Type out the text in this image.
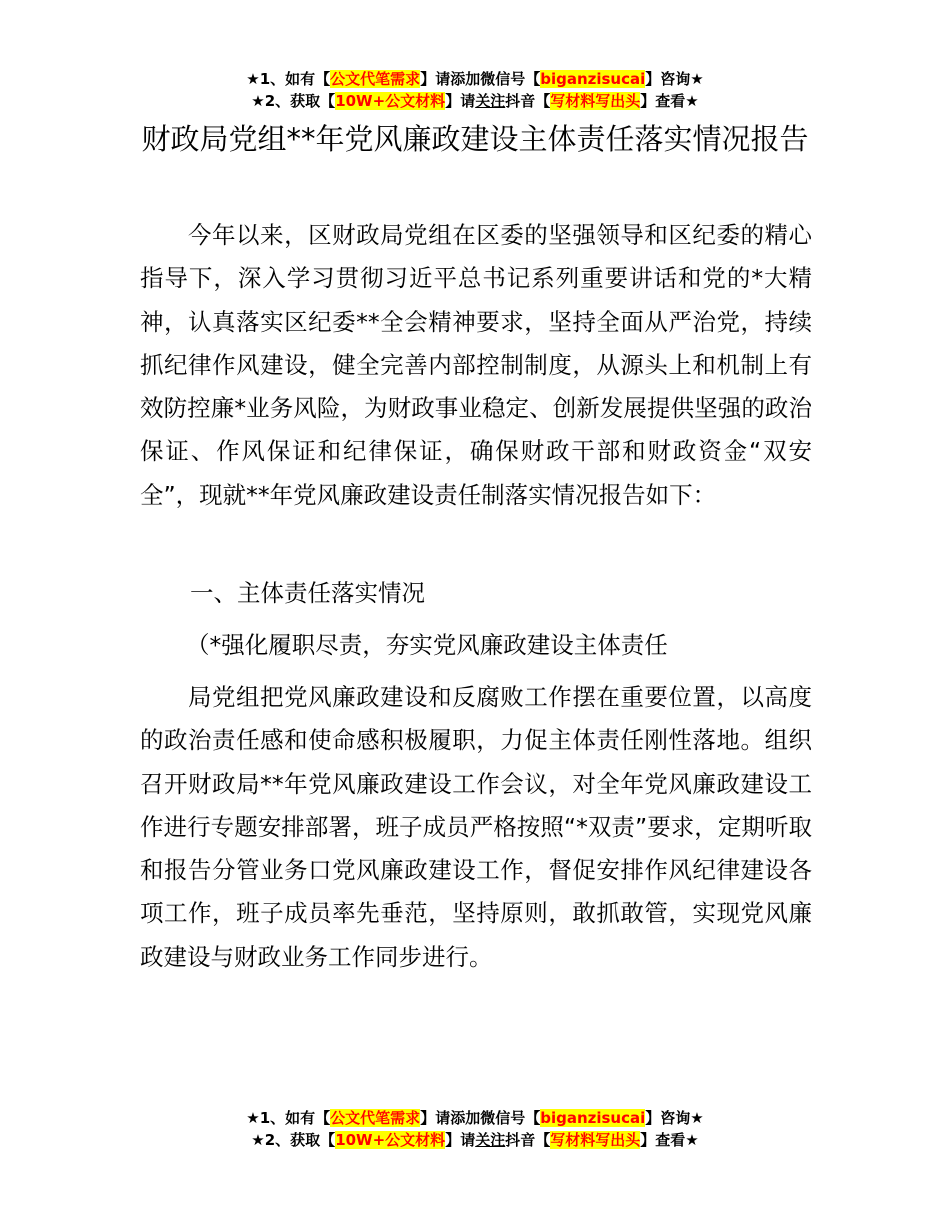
★1、如有【公文代笔需求】请添加微信号【biganzisucai】咨询★
★2、获取【10W+公文材料】请关注抖音【写材料写出头】查看★
财政局党组**年党风廉政建设主体责任落实情况报告

今年以来，区财政局党组在区委的坚强领导和区纪委的精心指导下，深入学习贯彻习近平总书记系列重要讲话和党的*大精神，认真落实区纪委**全会精神要求，坚持全面从严治党，持续抓纪律作风建设，健全完善内部控制制度，从源头上和机制上有效防控廉*业务风险，为财政事业稳定、创新发展提供坚强的政治保证、作风保证和纪律保证，确保财政干部和财政资金“双安全”，现就**年党风廉政建设责任制落实情况报告如下：

一、主体责任落实情况

（*强化履职尽责，夯实党风廉政建设主体责任

局党组把党风廉政建设和反腐败工作摆在重要位置，以高度的政治责任感和使命感积极履职，力促主体责任刚性落地。组织召开财政局**年党风廉政建设工作会议，对全年党风廉政建设工作进行专题安排部署，班子成员严格按照“*双责”要求，定期听取和报告分管业务口党风廉政建设工作，督促安排作风纪律建设各项工作，班子成员率先垂范，坚持原则，敢抓敢管，实现党风廉政建设与财政业务工作同步进行。

★1、如有【公文代笔需求】请添加微信号【biganzisucai】咨询★
★2、获取【10W+公文材料】请关注抖音【写材料写出头】查看★
